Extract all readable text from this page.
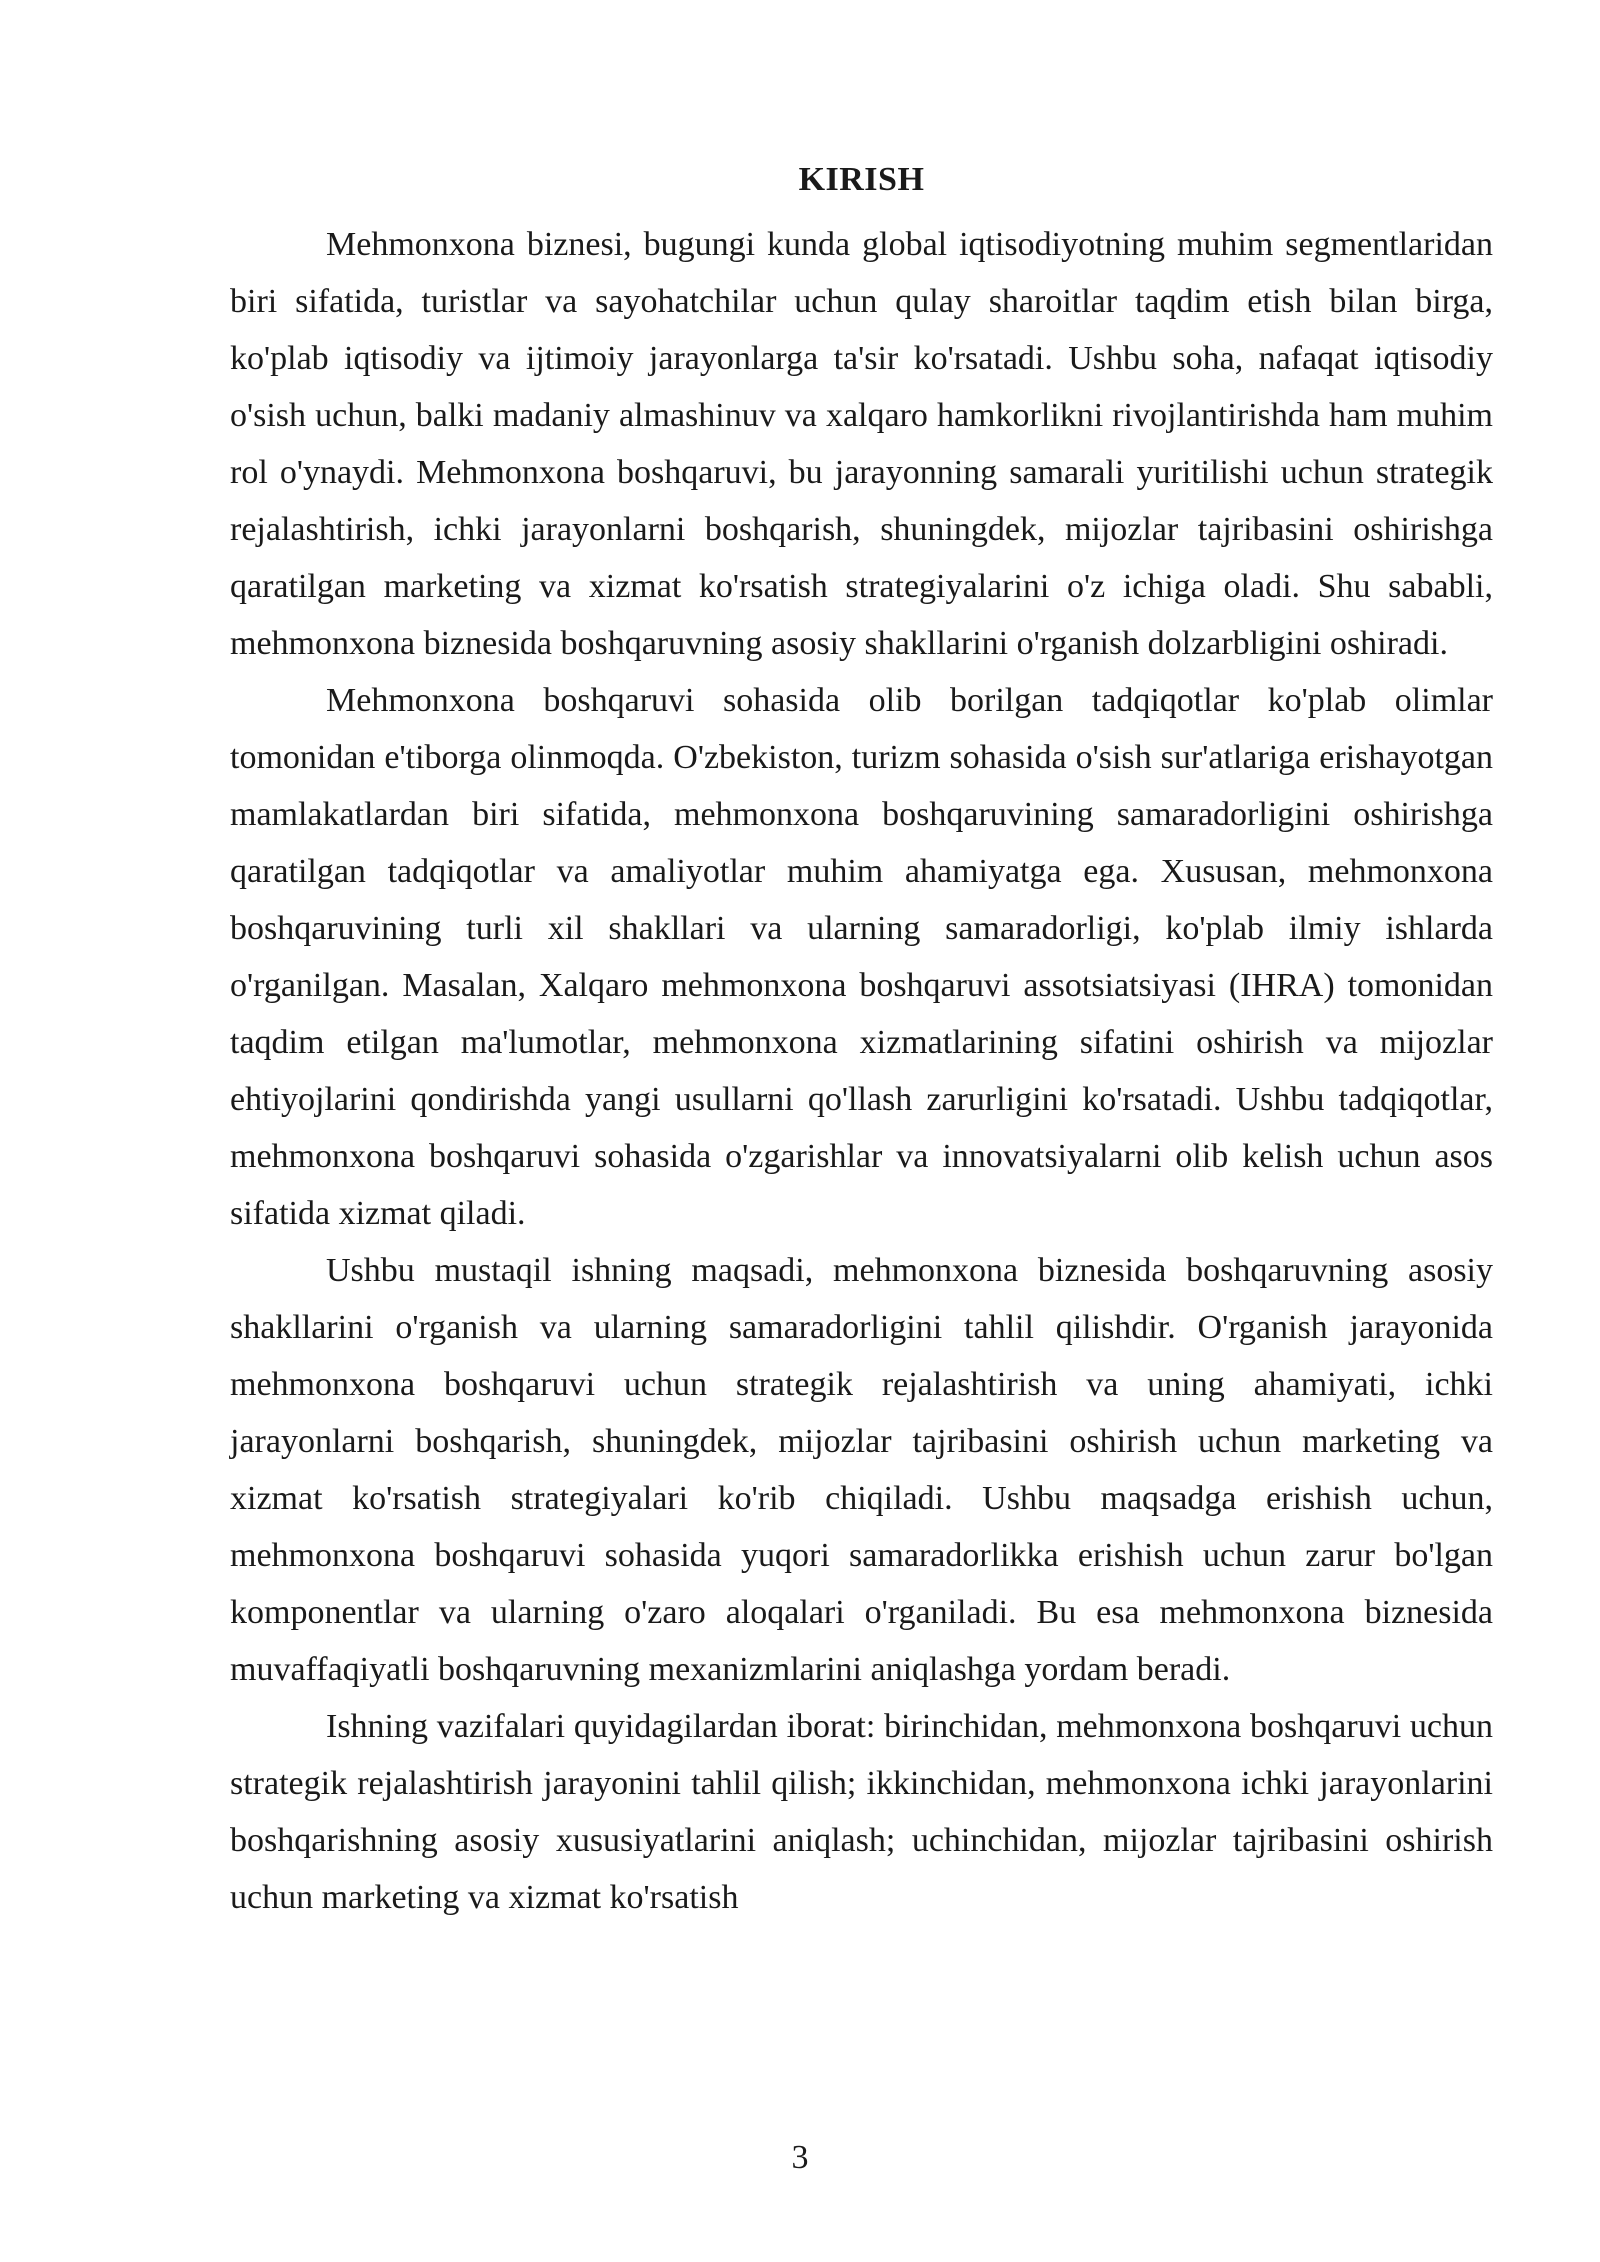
KIRISH

Mehmonxona biznesi, bugungi kunda global iqtisodiyotning muhim segmentlaridan biri sifatida, turistlar va sayohatchilar uchun qulay sharoitlar taqdim etish bilan birga, ko'plab iqtisodiy va ijtimoiy jarayonlarga ta'sir ko'rsatadi. Ushbu soha, nafaqat iqtisodiy o'sish uchun, balki madaniy almashinuv va xalqaro hamkorlikni rivojlantirishda ham muhim rol o'ynaydi. Mehmonxona boshqaruvi, bu jarayonning samarali yuritilishi uchun strategik rejalashtirish, ichki jarayonlarni boshqarish, shuningdek, mijozlar tajribasini oshirishga qaratilgan marketing va xizmat ko'rsatish strategiyalarini o'z ichiga oladi. Shu sababli, mehmonxona biznesida boshqaruvning asosiy shakllarini o'rganish dolzarbligini oshiradi.

Mehmonxona boshqaruvi sohasida olib borilgan tadqiqotlar ko'plab olimlar tomonidan e'tiborga olinmoqda. O'zbekiston, turizm sohasida o'sish sur'atlariga erishayotgan mamlakatlardan biri sifatida, mehmonxona boshqaruvining samaradorligini oshirishga qaratilgan tadqiqotlar va amaliyotlar muhim ahamiyatga ega. Xususan, mehmonxona boshqaruvining turli xil shakllari va ularning samaradorligi, ko'plab ilmiy ishlarda o'rganilgan. Masalan, Xalqaro mehmonxona boshqaruvi assotsiatsiyasi (IHRA) tomonidan taqdim etilgan ma'lumotlar, mehmonxona xizmatlarining sifatini oshirish va mijozlar ehtiyojlarini qondirishda yangi usullarni qo'llash zarurligini ko'rsatadi. Ushbu tadqiqotlar, mehmonxona boshqaruvi sohasida o'zgarishlar va innovatsiyalarni olib kelish uchun asos sifatida xizmat qiladi.

Ushbu mustaqil ishning maqsadi, mehmonxona biznesida boshqaruvning asosiy shakllarini o'rganish va ularning samaradorligini tahlil qilishdir. O'rganish jarayonida mehmonxona boshqaruvi uchun strategik rejalashtirish va uning ahamiyati, ichki jarayonlarni boshqarish, shuningdek, mijozlar tajribasini oshirish uchun marketing va xizmat ko'rsatish strategiyalari ko'rib chiqiladi. Ushbu maqsadga erishish uchun, mehmonxona boshqaruvi sohasida yuqori samaradorlikka erishish uchun zarur bo'lgan komponentlar va ularning o'zaro aloqalari o'rganiladi. Bu esa mehmonxona biznesida muvaffaqiyatli boshqaruvning mexanizmlarini aniqlashga yordam beradi.

Ishning vazifalari quyidagilardan iborat: birinchidan, mehmonxona boshqaruvi uchun strategik rejalashtirish jarayonini tahlil qilish; ikkinchidan, mehmonxona ichki jarayonlarini boshqarishning asosiy xususiyatlarini aniqlash; uchinchidan, mijozlar tajribasini oshirish uchun marketing va xizmat ko'rsatish

3
